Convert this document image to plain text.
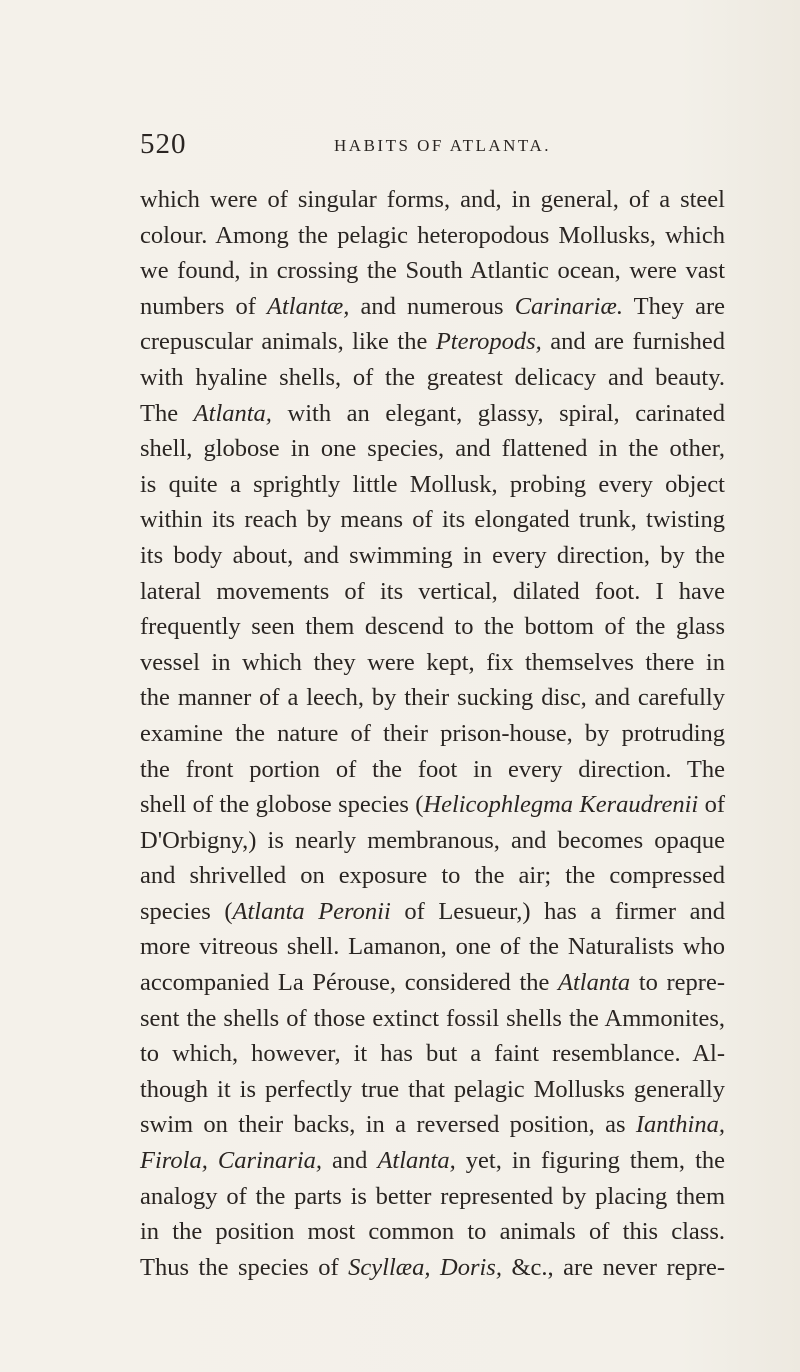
520	HABITS OF ATLANTA.
which were of singular forms, and, in general, of a steel
colour. Among the pelagic heteropodous Mollusks, which
we found, in crossing the South Atlantic ocean, were vast
numbers of Atlantæ, and numerous Carinariæ. They are
crepuscular animals, like the Pteropods, and are furnished
with hyaline shells, of the greatest delicacy and beauty.
The Atlanta, with an elegant, glassy, spiral, carinated
shell, globose in one species, and flattened in the other,
is quite a sprightly little Mollusk, probing every object
within its reach by means of its elongated trunk, twisting
its body about, and swimming in every direction, by the
lateral movements of its vertical, dilated foot. I have
frequently seen them descend to the bottom of the glass
vessel in which they were kept, fix themselves there in
the manner of a leech, by their sucking disc, and carefully
examine the nature of their prison-house, by protruding
the front portion of the foot in every direction. The
shell of the globose species (Helicophlegma Keraudrenii of
D'Orbigny,) is nearly membranous, and becomes opaque
and shrivelled on exposure to the air; the compressed
species (Atlanta Peronii of Lesueur,) has a firmer and
more vitreous shell. Lamanon, one of the Naturalists who
accompanied La Pérouse, considered the Atlanta to repre-
sent the shells of those extinct fossil shells the Ammonites,
to which, however, it has but a faint resemblance. Al-
though it is perfectly true that pelagic Mollusks generally
swim on their backs, in a reversed position, as Ianthina,
Firola, Carinaria, and Atlanta, yet, in figuring them, the
analogy of the parts is better represented by placing them
in the position most common to animals of this class.
Thus the species of Scyllæa, Doris, &c., are never repre-
